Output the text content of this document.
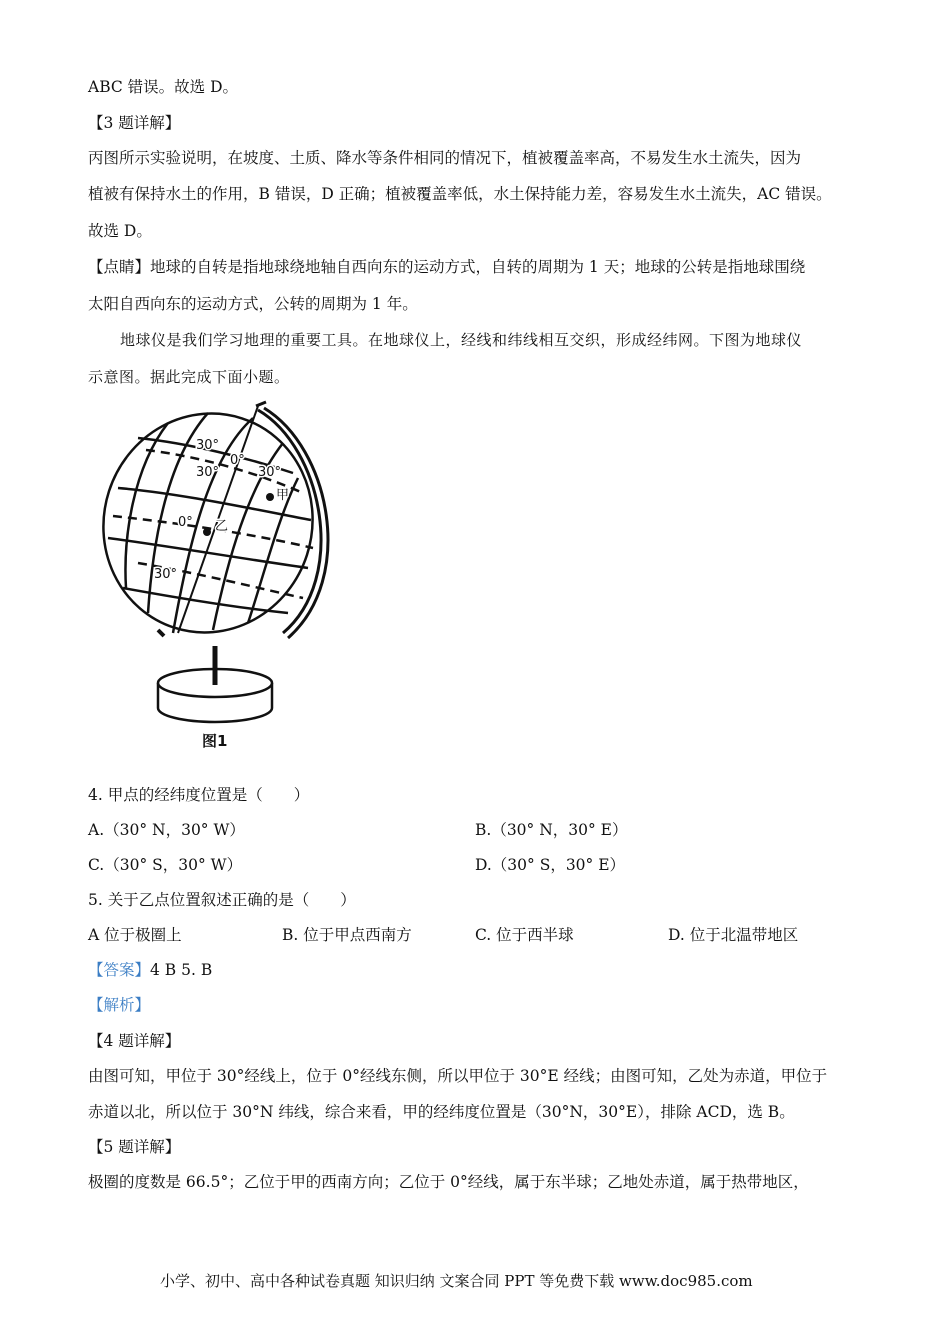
ABC 错误。故选 D。
【3 题详解】
丙图所示实验说明，在坡度、土质、降水等条件相同的情况下，植被覆盖率高，不易发生水土流失，因为
植被有保持水土的作用，B 错误，D 正确；植被覆盖率低，水土保持能力差，容易发生水土流失，AC 错误。
故选 D。
【点睛】地球的自转是指地球绕地轴自西向东的运动方式，自转的周期为 1 天；地球的公转是指地球围绕
太阳自西向东的运动方式，公转的周期为 1 年。
地球仪是我们学习地理的重要工具。在地球仪上，经线和纬线相互交织，形成经纬网。下图为地球仪
示意图。据此完成下面小题。
30°
30°
0°
30°
甲
0° 乙
30°
图1
4. 甲点的经纬度位置是（　　）
A.（30° N，30° W）	B.（30° N，30° E）
C.（30° S，30° W）	D.（30° S，30° E）
5. 关于乙点位置叙述正确的是（　　）
A 位于极圈上	B. 位于甲点西南方	C. 位于西半球	D. 位于北温带地区
【答案】4 B 5. B
【解析】
【4 题详解】
由图可知，甲位于 30°经线上，位于 0°经线东侧，所以甲位于 30°E 经线；由图可知，乙处为赤道，甲位于
赤道以北，所以位于 30°N 纬线，综合来看，甲的经纬度位置是（30°N，30°E），排除 ACD，选 B。
【5 题详解】
极圈的度数是 66.5°；乙位于甲的西南方向；乙位于 0°经线，属于东半球；乙地处赤道，属于热带地区，
小学、初中、高中各种试卷真题 知识归纳 文案合同 PPT 等免费下载 www.doc985.com
